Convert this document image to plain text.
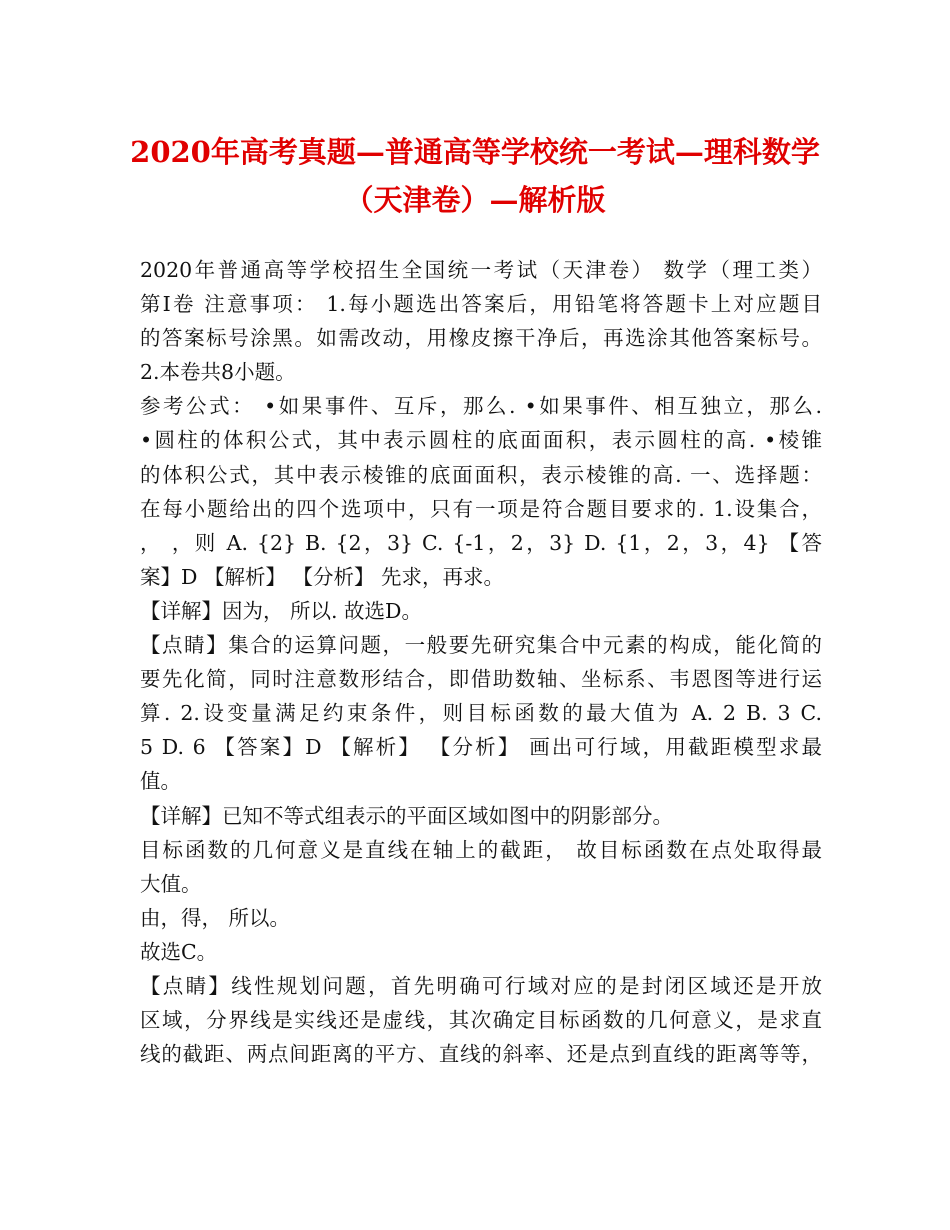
2020年高考真题—普通高等学校统一考试—理科数学
（天津卷）—解析版
2020年普通高等学校招生全国统一考试（天津卷） 数学（理工类）
第Ⅰ卷 注意事项： 1.每小题选出答案后，用铅笔将答题卡上对应题目
的答案标号涂黑。如需改动，用橡皮擦干净后，再选涂其他答案标号。
2.本卷共8小题。
参考公式： •如果事件、互斥，那么. •如果事件、相互独立，那么.
•圆柱的体积公式，其中表示圆柱的底面面积，表示圆柱的高. •棱锥
的体积公式，其中表示棱锥的底面面积，表示棱锥的高. 一、选择题：
在每小题给出的四个选项中，只有一项是符合题目要求的. 1.设集合，
， ，则 A. {2} B. {2，3} C. {-1，2，3} D. {1，2，3，4} 【答
案】D 【解析】 【分析】 先求，再求。
【详解】因为， 所以. 故选D。
【点睛】集合的运算问题，一般要先研究集合中元素的构成，能化简的
要先化简，同时注意数形结合，即借助数轴、坐标系、韦恩图等进行运
算. 2.设变量满足约束条件，则目标函数的最大值为 A. 2 B. 3 C.
5 D. 6 【答案】D 【解析】 【分析】 画出可行域，用截距模型求最
值。
【详解】已知不等式组表示的平面区域如图中的阴影部分。
目标函数的几何意义是直线在轴上的截距， 故目标函数在点处取得最
大值。
由，得， 所以。
故选C。
【点睛】线性规划问题，首先明确可行域对应的是封闭区域还是开放
区域，分界线是实线还是虚线，其次确定目标函数的几何意义，是求直
线的截距、两点间距离的平方、直线的斜率、还是点到直线的距离等等，
